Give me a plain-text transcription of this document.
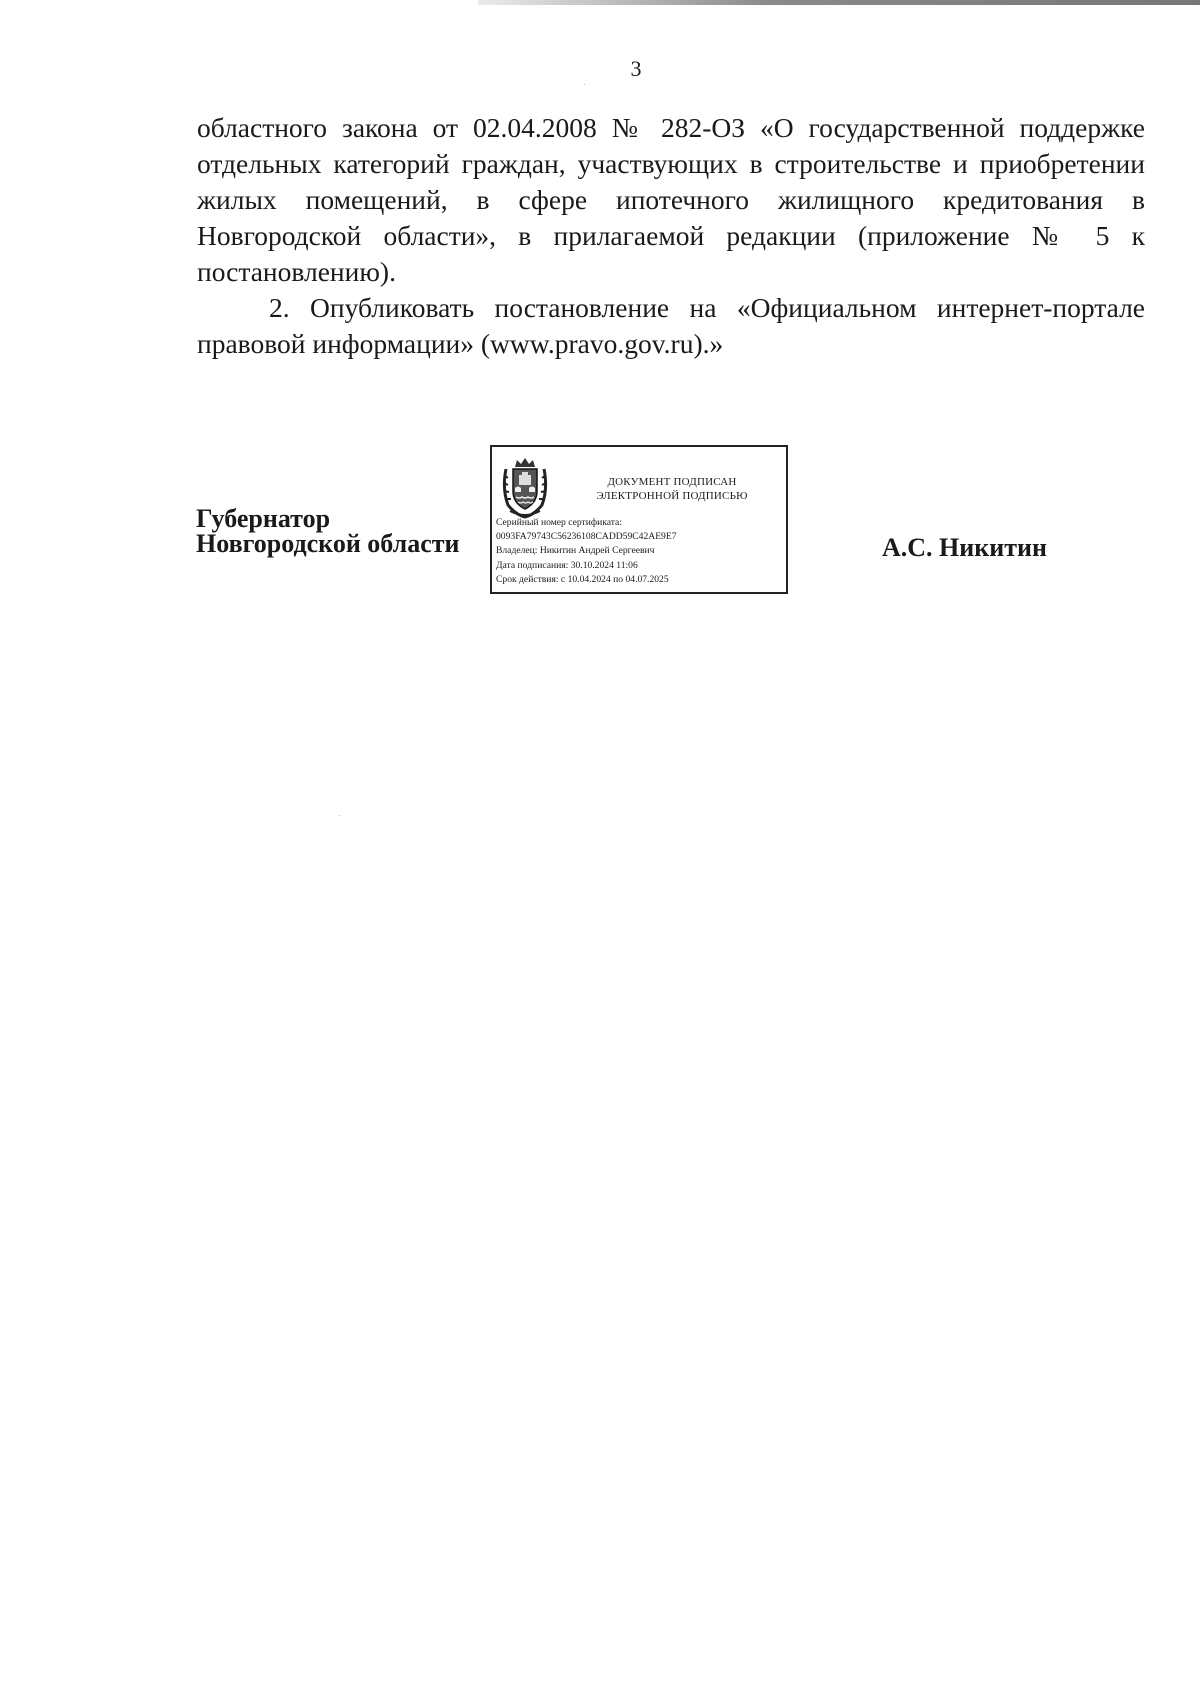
3

областного закона от 02.04.2008 № 282-ОЗ «О государственной поддержке отдельных категорий граждан, участвующих в строительстве и приобретении жилых помещений, в сфере ипотечного жилищного кредитования в Новгородской области», в прилагаемой редакции (приложение № 5 к постановлению).

2. Опубликовать постановление на «Официальном интернет-портале правовой информации» (www.pravo.gov.ru).»

Губернатор
Новгородской области
ДОКУМЕНТ ПОДПИСАН
ЭЛЕКТРОННОЙ ПОДПИСЬЮ
Серийный номер сертификата:
0093FA79743C56236108CADD59C42AE9E7
Владелец: Никитин Андрей Сергеевич
Дата подписания: 30.10.2024 11:06
Срок действия: с 10.04.2024 по 04.07.2025
А.С. Никитин
